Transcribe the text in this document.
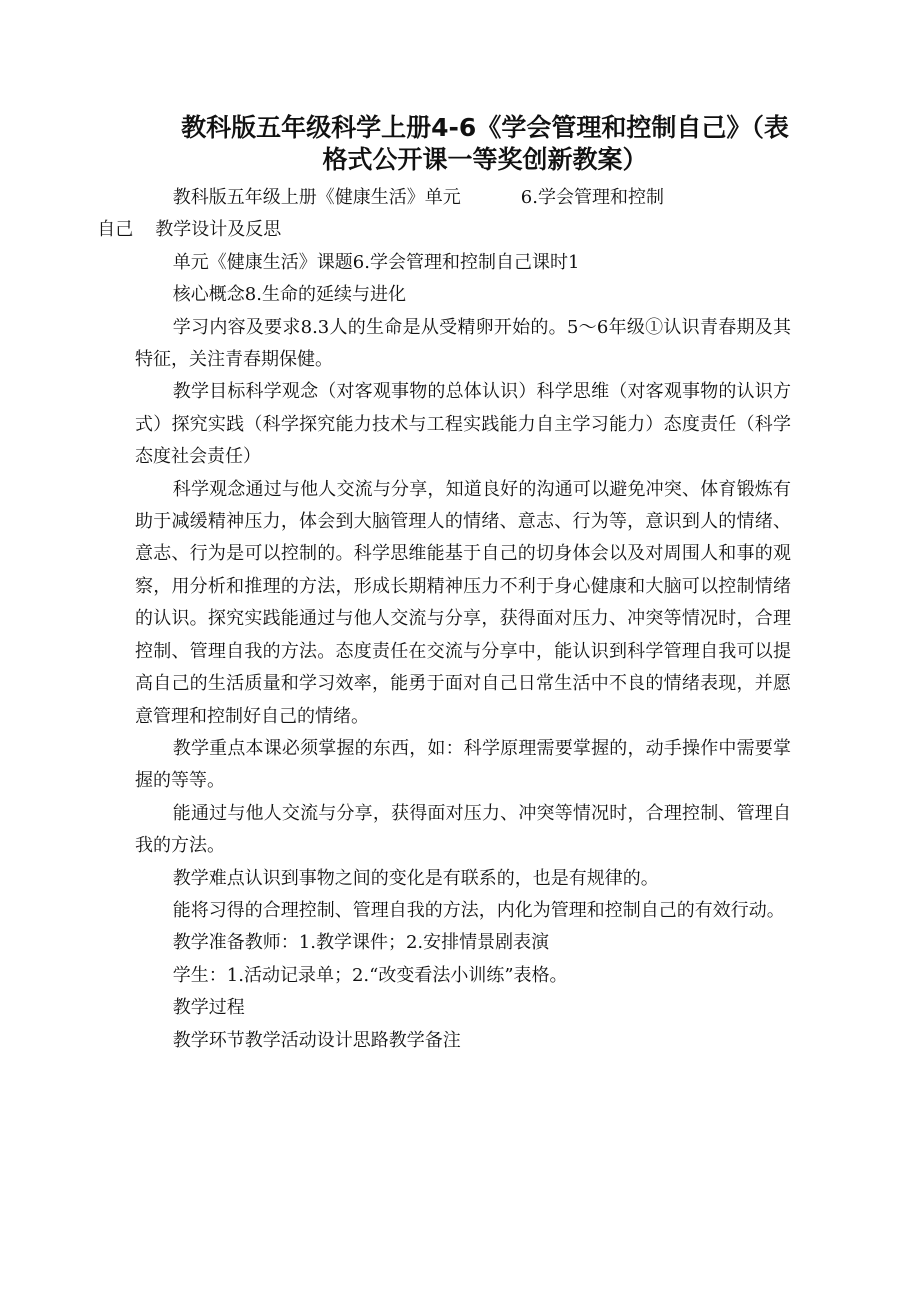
教科版五年级科学上册4-6《学会管理和控制自己》（表格式公开课一等奖创新教案）

教科版五年级上册《健康生活》单元	6.学会管理和控制
自己 教学设计及反思

单元《健康生活》课题6.学会管理和控制自己课时1

核心概念8.生命的延续与进化

学习内容及要求8.3人的生命是从受精卵开始的。5～6年级①认识青春期及其特征，关注青春期保健。

教学目标科学观念（对客观事物的总体认识）科学思维（对客观事物的认识方式）探究实践（科学探究能力技术与工程实践能力自主学习能力）态度责任（科学态度社会责任）

科学观念通过与他人交流与分享，知道良好的沟通可以避免冲突、体育锻炼有助于减缓精神压力，体会到大脑管理人的情绪、意志、行为等，意识到人的情绪、意志、行为是可以控制的。科学思维能基于自己的切身体会以及对周围人和事的观察，用分析和推理的方法，形成长期精神压力不利于身心健康和大脑可以控制情绪的认识。探究实践能通过与他人交流与分享，获得面对压力、冲突等情况时，合理控制、管理自我的方法。态度责任在交流与分享中，能认识到科学管理自我可以提高自己的生活质量和学习效率，能勇于面对自己日常生活中不良的情绪表现，并愿意管理和控制好自己的情绪。

教学重点本课必须掌握的东西，如：科学原理需要掌握的，动手操作中需要掌握的等等。

能通过与他人交流与分享，获得面对压力、冲突等情况时，合理控制、管理自我的方法。

教学难点认识到事物之间的变化是有联系的，也是有规律的。

能将习得的合理控制、管理自我的方法，内化为管理和控制自己的有效行动。

教学准备教师：1.教学课件；2.安排情景剧表演

学生：1.活动记录单；2.“改变看法小训练”表格。

教学过程

教学环节教学活动设计思路教学备注
